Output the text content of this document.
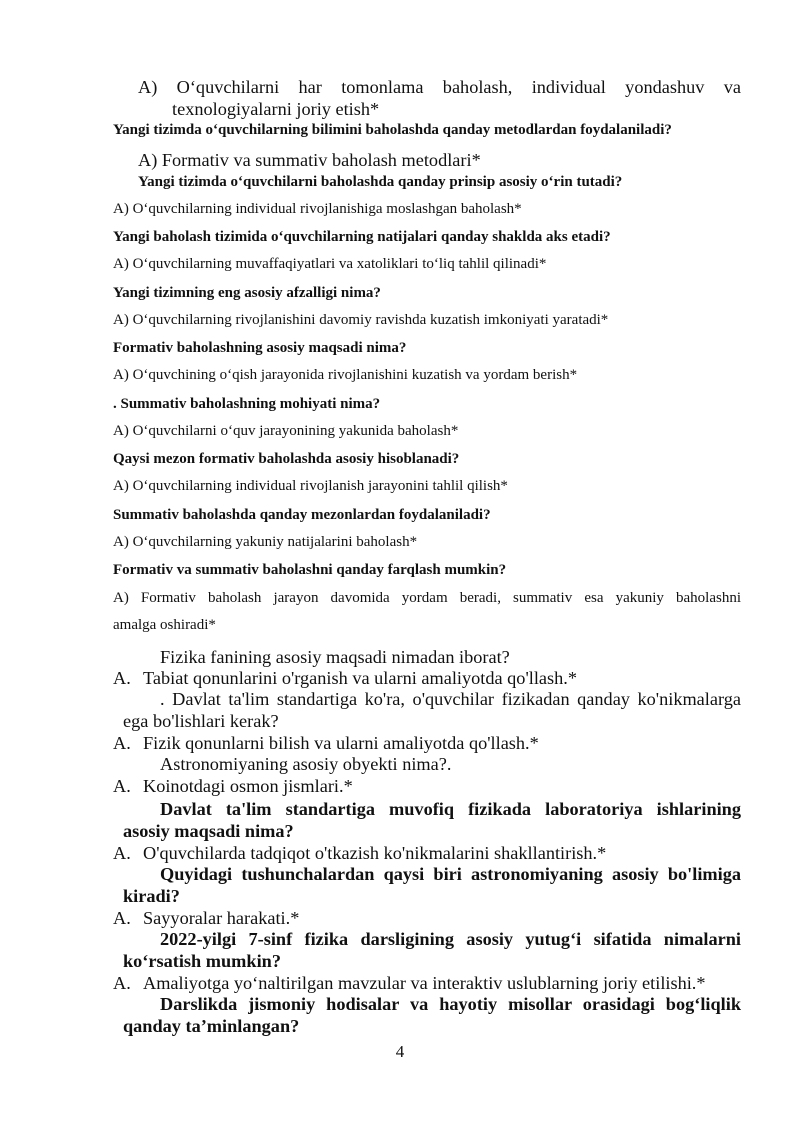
A) O‘quvchilarni har tomonlama baholash, individual yondashuv va
texnologiyalarni joriy etish*
Yangi tizimda o‘quvchilarning bilimini baholashda qanday metodlardan foydalaniladi?
A) Formativ va summativ baholash metodlari*
Yangi tizimda o‘quvchilarni baholashda qanday prinsip asosiy o‘rin tutadi?
A) O‘quvchilarning individual rivojlanishiga moslashgan baholash*
Yangi baholash tizimida o‘quvchilarning natijalari qanday shaklda aks etadi?
A) O‘quvchilarning muvaffaqiyatlari va xatoliklari to‘liq tahlil qilinadi*
Yangi tizimning eng asosiy afzalligi nima?
A) O‘quvchilarning rivojlanishini davomiy ravishda kuzatish imkoniyati yaratadi*
Formativ baholashning asosiy maqsadi nima?
A) O‘quvchining o‘qish jarayonida rivojlanishini kuzatish va yordam berish*
. Summativ baholashning mohiyati nima?
A) O‘quvchilarni o‘quv jarayonining yakunida baholash*
Qaysi mezon formativ baholashda asosiy hisoblanadi?
A) O‘quvchilarning individual rivojlanish jarayonini tahlil qilish*
Summativ baholashda qanday mezonlardan foydalaniladi?
A) O‘quvchilarning yakuniy natijalarini baholash*
Formativ va summativ baholashni qanday farqlash mumkin?
A) Formativ baholash jarayon davomida yordam beradi, summativ esa yakuniy baholashni
amalga oshiradi*
Fizika fanining asosiy maqsadi nimadan iborat?
A. Tabiat qonunlarini o'rganish va ularni amaliyotda qo'llash.*
. Davlat ta'lim standartiga ko'ra, o'quvchilar fizikadan qanday ko'nikmalarga
ega bo'lishlari kerak?
A. Fizik qonunlarni bilish va ularni amaliyotda qo'llash.*
Astronomiyaning asosiy obyekti nima?.
A. Koinotdagi osmon jismlari.*
Davlat ta'lim standartiga muvofiq fizikada laboratoriya ishlarining
asosiy maqsadi nima?
A. O'quvchilarda tadqiqot o'tkazish ko'nikmalarini shakllantirish.*
Quyidagi tushunchalardan qaysi biri astronomiyaning asosiy bo'limiga
kiradi?
A. Sayyoralar harakati.*
2022-yilgi 7-sinf fizika darsligining asosiy yutug‘i sifatida nimalarni
ko‘rsatish mumkin?
A. Amaliyotga yo‘naltirilgan mavzular va interaktiv uslublarning joriy etilishi.*
Darslikda jismoniy hodisalar va hayotiy misollar orasidagi bog‘liqlik
qanday ta’minlangan?
4
